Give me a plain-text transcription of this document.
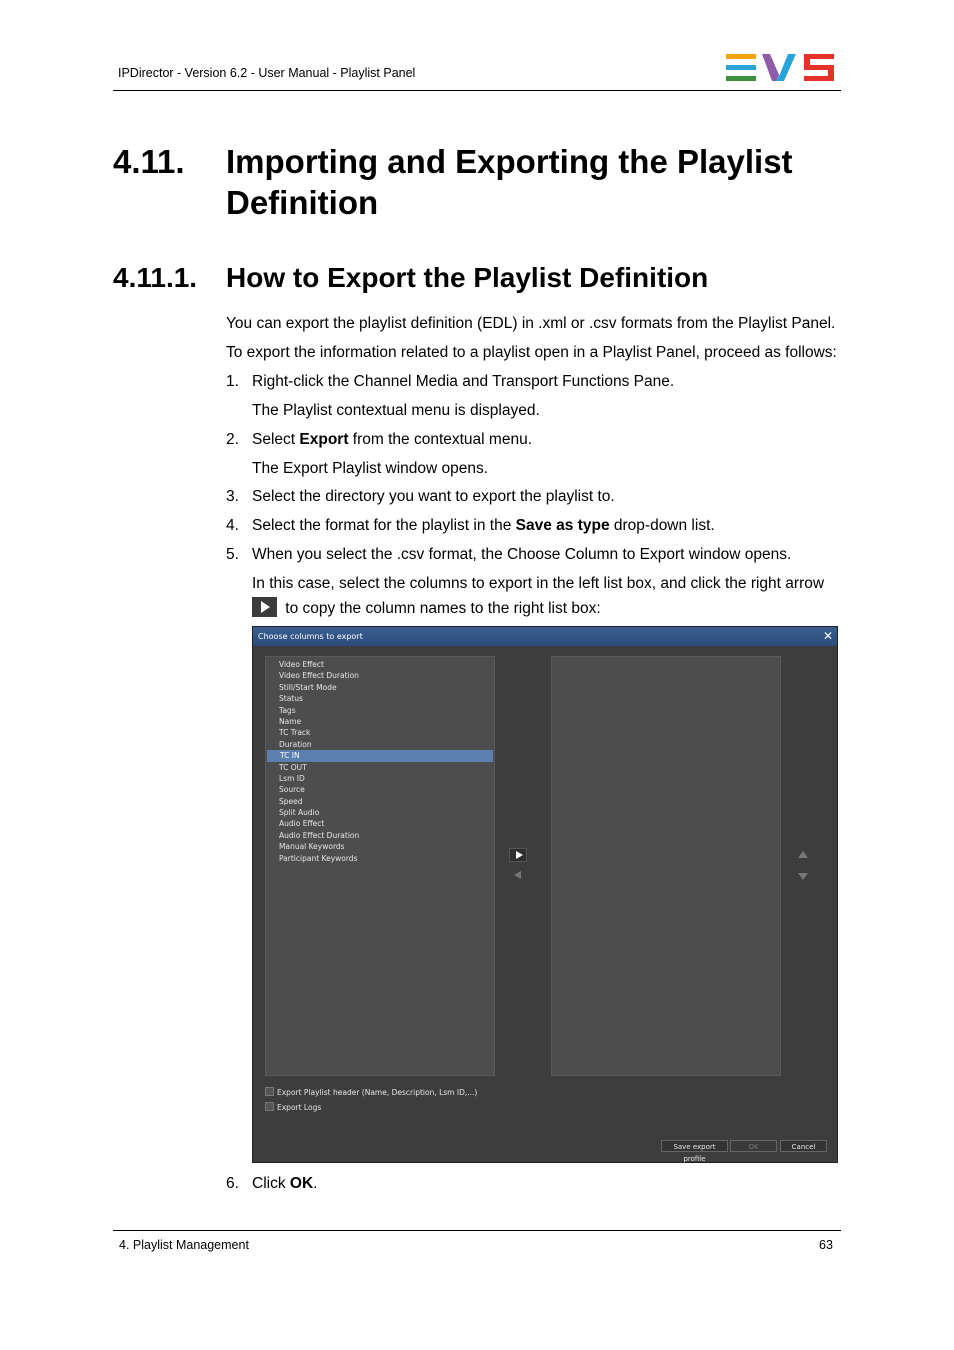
IPDirector - Version 6.2 - User Manual - Playlist Panel
4.11. Importing and Exporting the Playlist
Definition
4.11.1. How to Export the Playlist Definition
You can export the playlist definition (EDL) in .xml or .csv formats from the Playlist Panel.
To export the information related to a playlist open in a Playlist Panel, proceed as follows:
1. Right-click the Channel Media and Transport Functions Pane.
The Playlist contextual menu is displayed.
2. Select Export from the contextual menu.
The Export Playlist window opens.
3. Select the directory you want to export the playlist to.
4. Select the format for the playlist in the Save as type drop-down list.
5. When you select the .csv format, the Choose Column to Export window opens.
In this case, select the columns to export in the left list box, and click the right arrow
to copy the column names to the right list box:
Choose columns to export	✕
Video Effect
Video Effect Duration
Still/Start Mode
Status
Tags
Name
TC Track
Duration
TC IN
TC OUT
Lsm ID
Source
Speed
Split Audio
Audio Effect
Audio Effect Duration
Manual Keywords
Participant Keywords
Export Playlist header (Name, Description, Lsm ID,...)
Export Logs
Save export profile
OK	Cancel
6. Click OK.
4. Playlist Management	63
